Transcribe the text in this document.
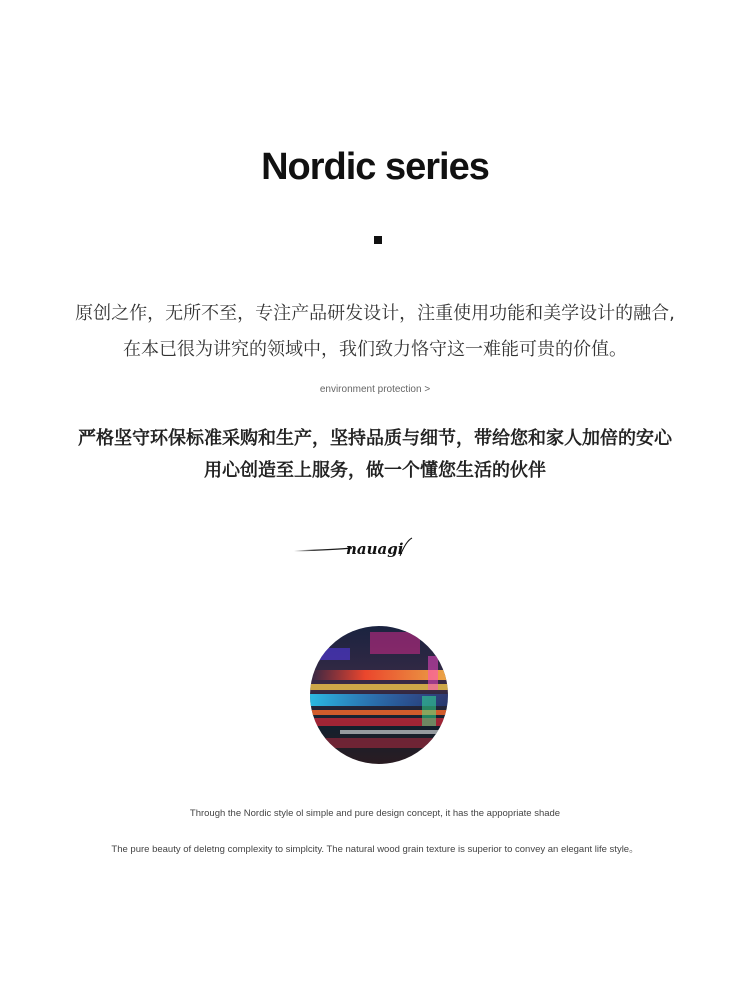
Nordic series
原创之作，无所不至，专注产品研发设计，注重使用功能和美学设计的融合,
在本已很为讲究的领域中，我们致力恪守这一难能可贵的价值。
environment protection >
严格坚守环保标准采购和生产，坚持品质与细节，带给您和家人加倍的安心
用心创造至上服务，做一个懂您生活的伙伴
nauagi
Through the Nordic style ol simple and pure design concept, it has the appopriate shade
The pure beauty of deletng complexity to simplcity. The natural wood grain texture is superior to convey an elegant life style。
